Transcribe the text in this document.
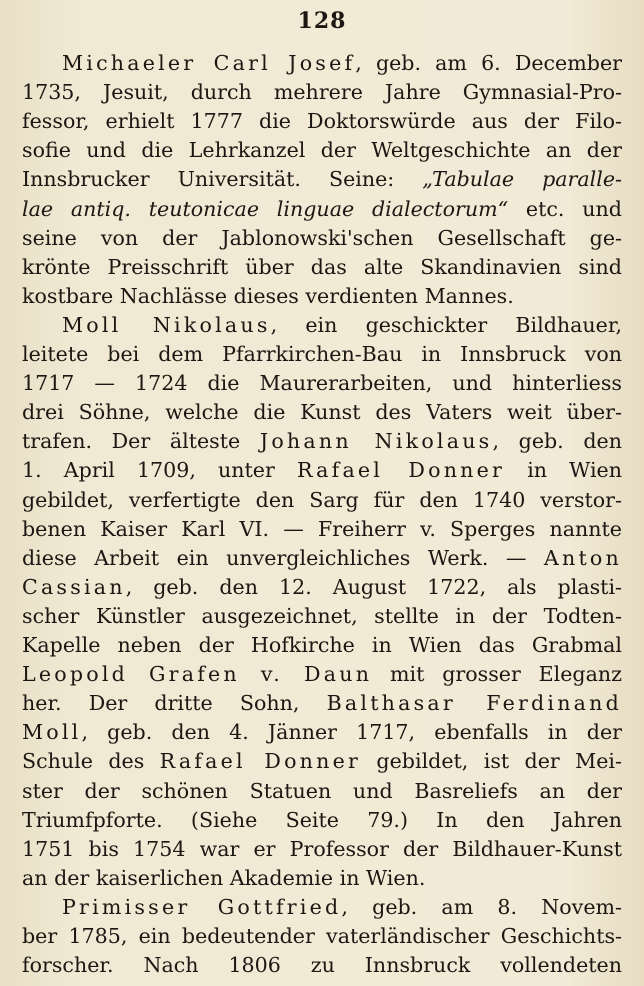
128
Michaeler Carl Josef, geb. am 6. December
1735, Jesuit, durch mehrere Jahre Gymnasial-Pro-
fessor, erhielt 1777 die Doktorswürde aus der Filo-
sofie und die Lehrkanzel der Weltgeschichte an der
Innsbrucker Universität. Seine: „Tabulae paralle-
lae antiq. teutonicae linguae dialectorum“ etc. und
seine von der Jablonowski'schen Gesellschaft ge-
krönte Preisschrift über das alte Skandinavien sind
kostbare Nachlässe dieses verdienten Mannes.
Moll Nikolaus, ein geschickter Bildhauer,
leitete bei dem Pfarrkirchen-Bau in Innsbruck von
1717 — 1724 die Maurerarbeiten, und hinterliess
drei Söhne, welche die Kunst des Vaters weit über-
trafen. Der älteste Johann Nikolaus, geb. den
1. April 1709, unter Rafael Donner in Wien
gebildet, verfertigte den Sarg für den 1740 verstor-
benen Kaiser Karl VI. — Freiherr v. Sperges nannte
diese Arbeit ein unvergleichliches Werk. — Anton
Cassian, geb. den 12. August 1722, als plasti-
scher Künstler ausgezeichnet, stellte in der Todten-
Kapelle neben der Hofkirche in Wien das Grabmal
Leopold Grafen v. Daun mit grosser Eleganz
her. Der dritte Sohn, Balthasar Ferdinand
Moll, geb. den 4. Jänner 1717, ebenfalls in der
Schule des Rafael Donner gebildet, ist der Mei-
ster der schönen Statuen und Basreliefs an der
Triumfpforte. (Siehe Seite 79.) In den Jahren
1751 bis 1754 war er Professor der Bildhauer-Kunst
an der kaiserlichen Akademie in Wien.
Primisser Gottfried, geb. am 8. Novem-
ber 1785, ein bedeutender vaterländischer Geschichts-
forscher. Nach 1806 zu Innsbruck vollendeten
